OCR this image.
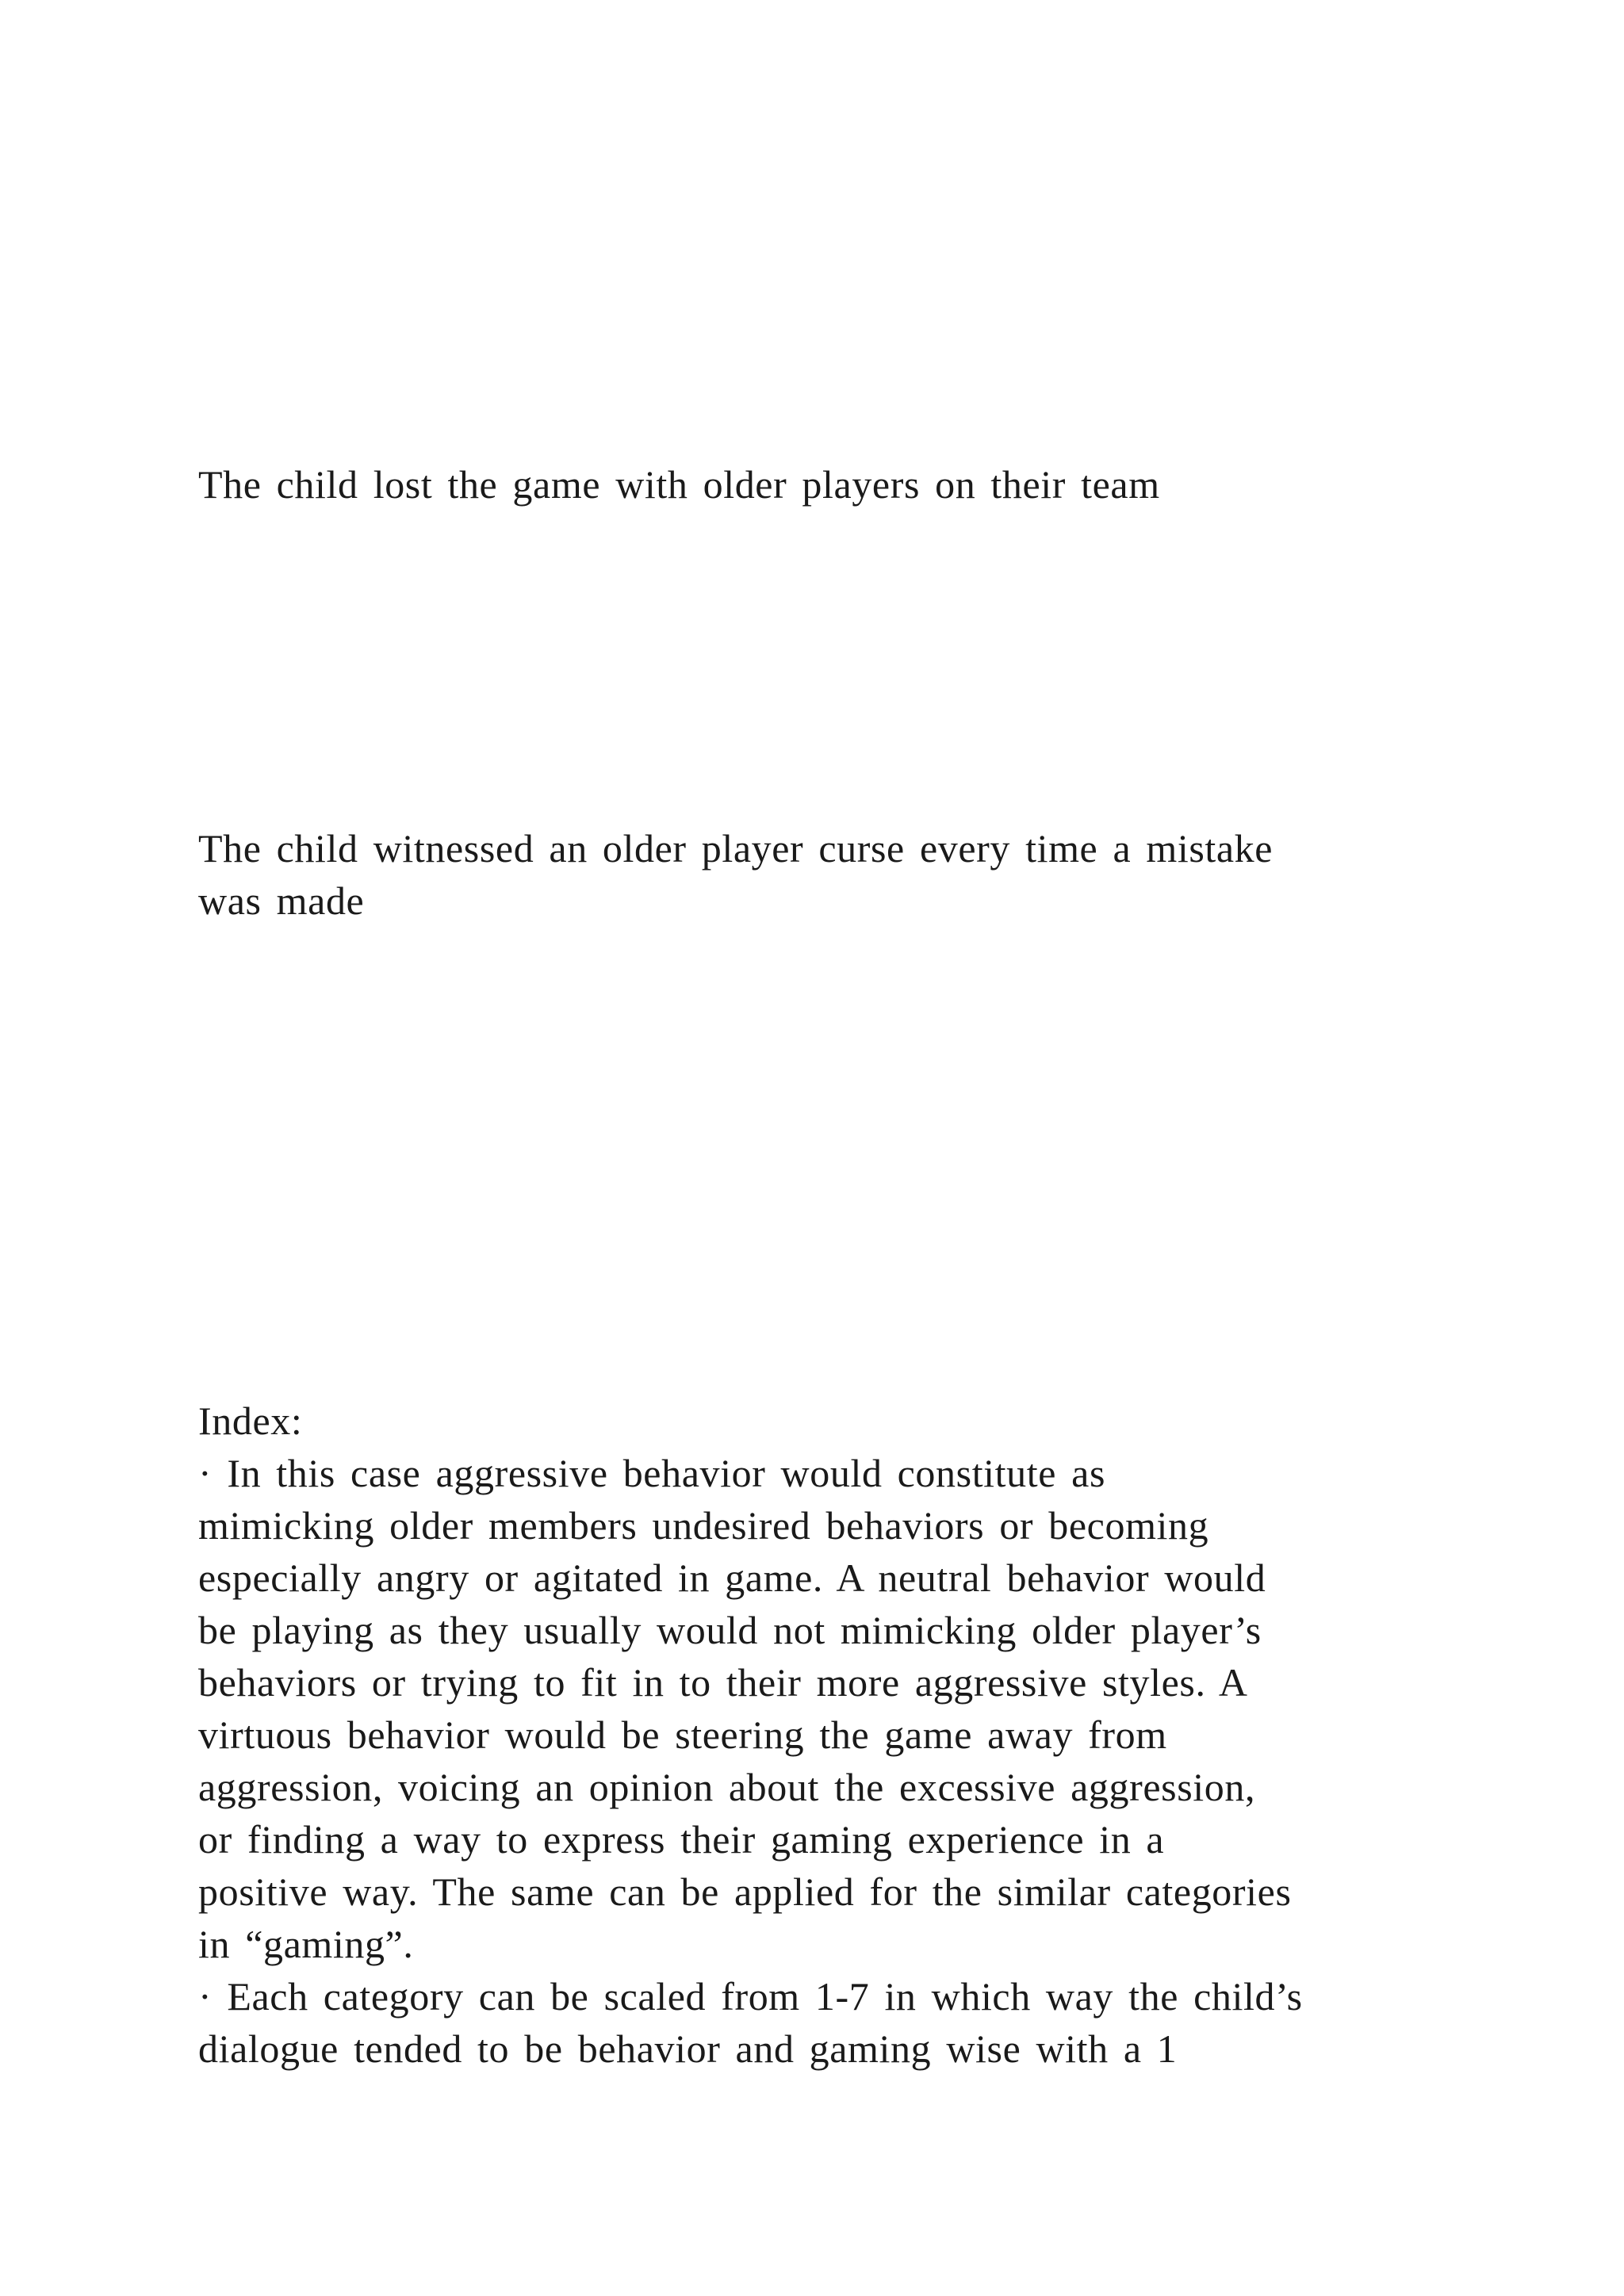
The child lost the game with older players on their team

The child witnessed an older player curse every time a mistake

was made

Index:

· In this case aggressive behavior would constitute as

mimicking older members undesired behaviors or becoming

especially angry or agitated in game. A neutral behavior would

be playing as they usually would not mimicking older player’s

behaviors or trying to fit in to their more aggressive styles. A

virtuous behavior would be steering the game away from

aggression, voicing an opinion about the excessive aggression,

or finding a way to express their gaming experience in a

positive way. The same can be applied for the similar categories

in “gaming”.

· Each category can be scaled from 1-7 in which way the child’s

dialogue tended to be behavior and gaming wise with a 1
